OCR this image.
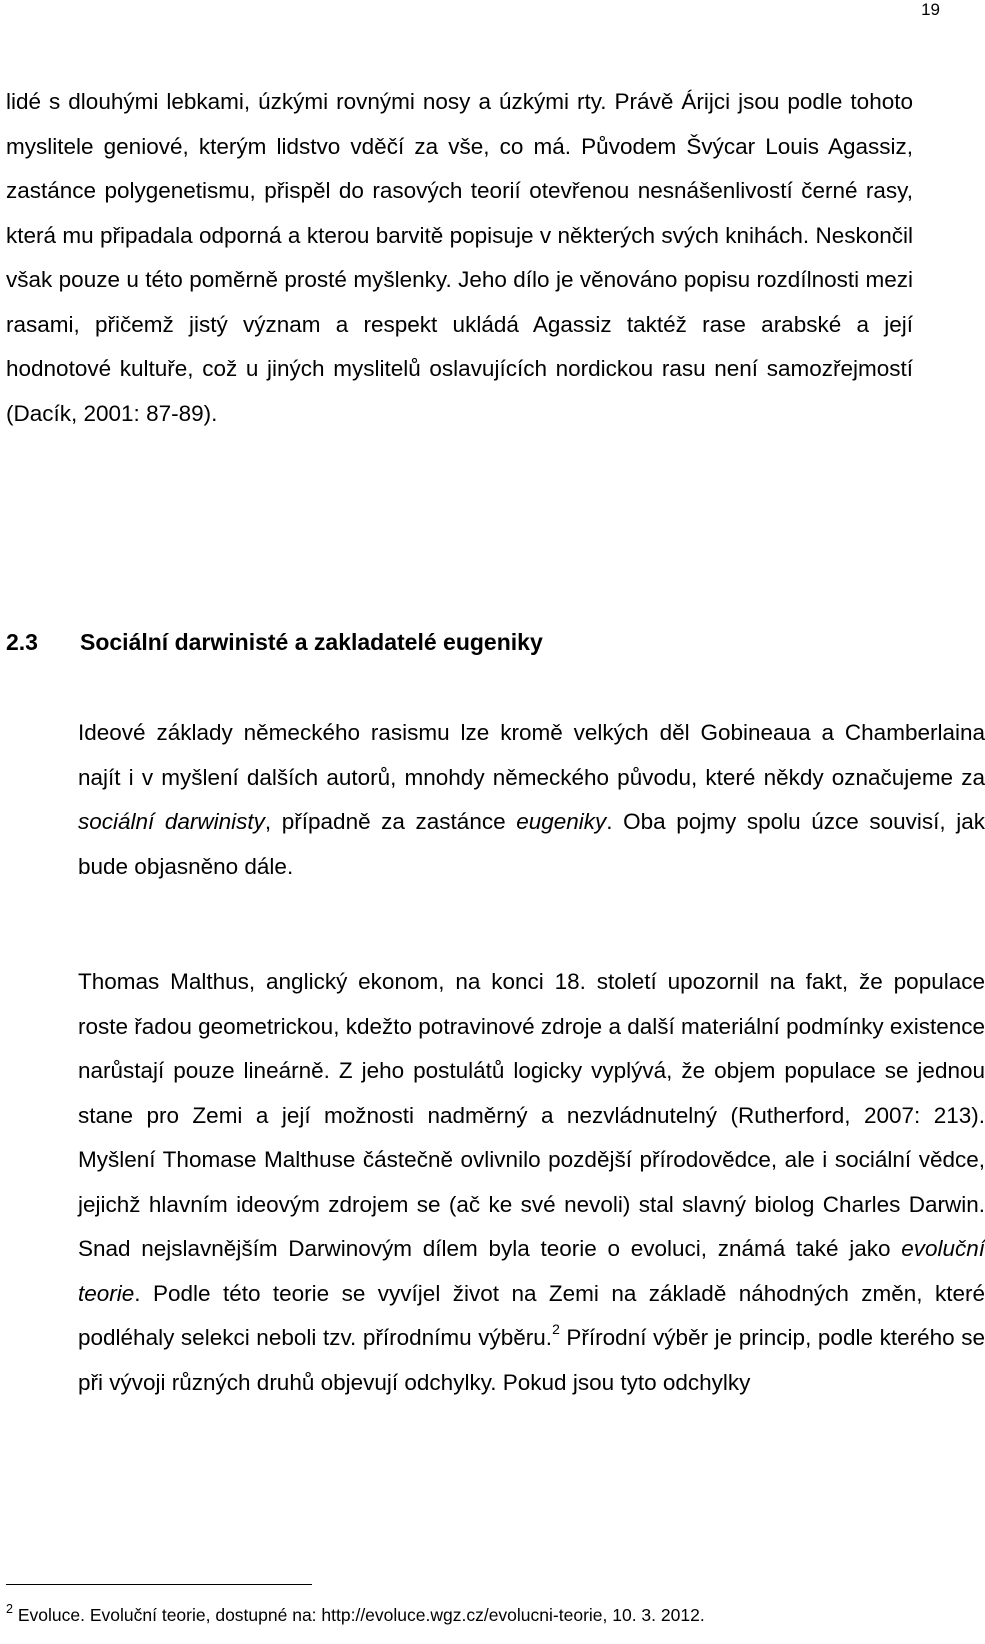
19

lidé s dlouhými lebkami, úzkými rovnými nosy a úzkými rty. Právě Árijci jsou podle tohoto myslitele geniové, kterým lidstvo vděčí za vše, co má. Původem Švýcar Louis Agassiz, zastánce polygenetismu, přispěl do rasových teorií otevřenou nesnášenlivostí černé rasy, která mu připadala odporná a kterou barvitě popisuje v některých svých knihách. Neskončil však pouze u této poměrně prosté myšlenky. Jeho dílo je věnováno popisu rozdílnosti mezi rasami, přičemž jistý význam a respekt ukládá Agassiz taktéž rase arabské a její hodnotové kultuře, což u jiných myslitelů oslavujících nordickou rasu není samozřejmostí (Dacík, 2001: 87-89).

2.3 Sociální darwinisté a zakladatelé eugeniky

Ideové základy německého rasismu lze kromě velkých děl Gobineaua a Chamberlaina najít i v myšlení dalších autorů, mnohdy německého původu, které někdy označujeme za sociální darwinisty, případně za zastánce eugeniky. Oba pojmy spolu úzce souvisí, jak bude objasněno dále.

Thomas Malthus, anglický ekonom, na konci 18. století upozornil na fakt, že populace roste řadou geometrickou, kdežto potravinové zdroje a další materiální podmínky existence narůstají pouze lineárně. Z jeho postulátů logicky vyplývá, že objem populace se jednou stane pro Zemi a její možnosti nadměrný a nezvládnutelný (Rutherford, 2007: 213). Myšlení Thomase Malthuse částečně ovlivnilo pozdější přírodovědce, ale i sociální vědce, jejichž hlavním ideovým zdrojem se (ač ke své nevoli) stal slavný biolog Charles Darwin. Snad nejslavnějším Darwinovým dílem byla teorie o evoluci, známá také jako evoluční teorie. Podle této teorie se vyvíjel život na Zemi na základě náhodných změn, které podléhaly selekci neboli tzv. přírodnímu výběru.$^2$ Přírodní výběr je princip, podle kterého se při vývoji různých druhů objevují odchylky. Pokud jsou tyto odchylky

$^2$ Evoluce. Evoluční teorie, dostupné na: http://evoluce.wgz.cz/evolucni-teorie, 10. 3. 2012.
